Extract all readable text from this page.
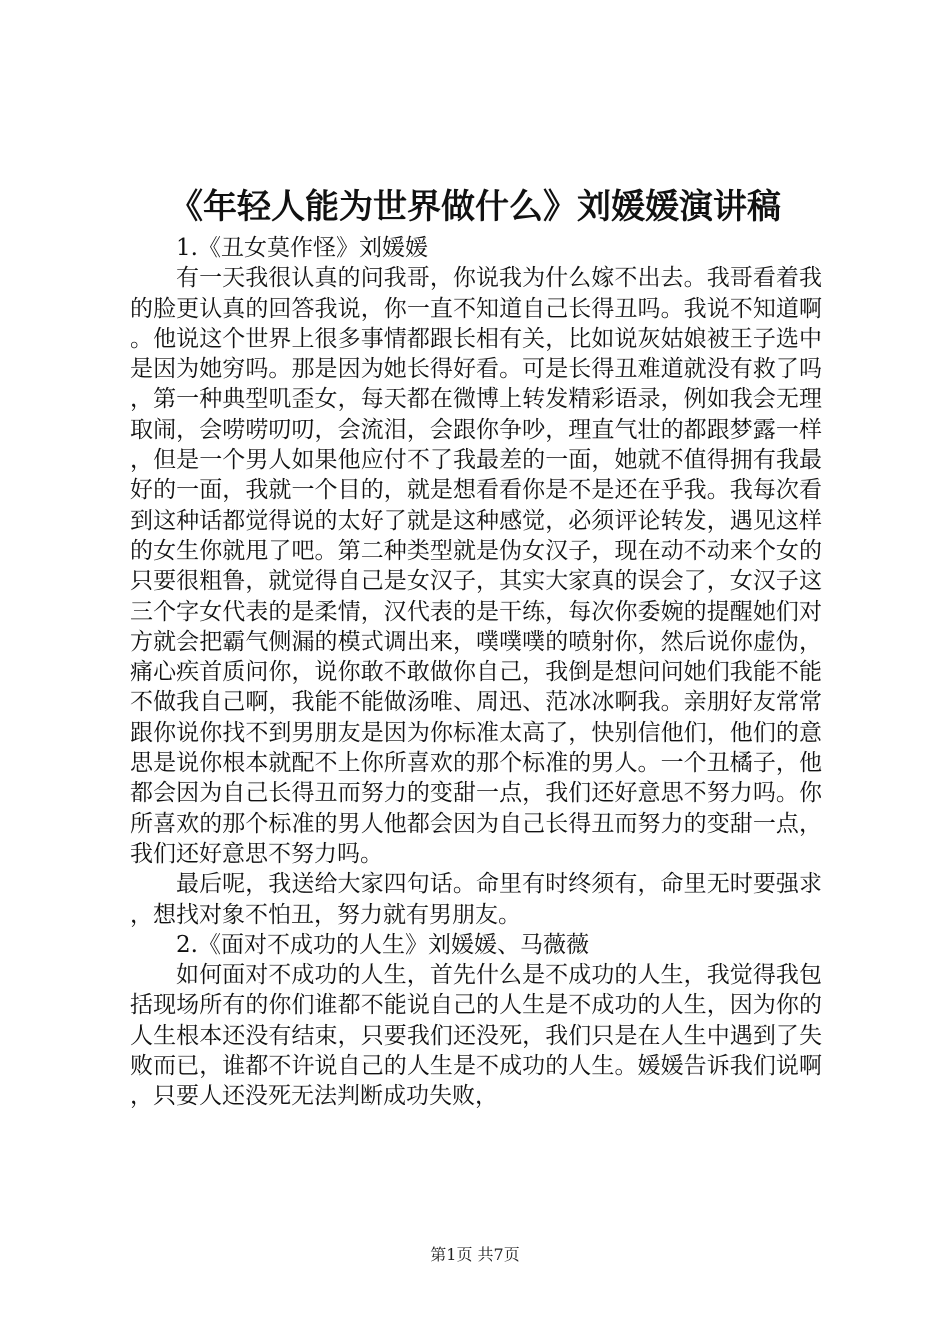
《年轻人能为世界做什么》刘媛媛演讲稿

1.《丑女莫作怪》刘媛媛

有一天我很认真的问我哥，你说我为什么嫁不出去。我哥看着我的脸更认真的回答我说，你一直不知道自己长得丑吗。我说不知道啊。他说这个世界上很多事情都跟长相有关，比如说灰姑娘被王子选中是因为她穷吗。那是因为她长得好看。可是长得丑难道就没有救了吗，第一种典型叽歪女，每天都在微博上转发精彩语录，例如我会无理取闹，会唠唠叨叨，会流泪，会跟你争吵，理直气壮的都跟梦露一样，但是一个男人如果他应付不了我最差的一面，她就不值得拥有我最好的一面，我就一个目的，就是想看看你是不是还在乎我。我每次看到这种话都觉得说的太好了就是这种感觉，必须评论转发，遇见这样的女生你就甩了吧。第二种类型就是伪女汉子，现在动不动来个女的只要很粗鲁，就觉得自己是女汉子，其实大家真的误会了，女汉子这三个字女代表的是柔情，汉代表的是干练，每次你委婉的提醒她们对方就会把霸气侧漏的模式调出来，噗噗噗的喷射你，然后说你虚伪，痛心疾首质问你，说你敢不敢做你自己，我倒是想问问她们我能不能不做我自己啊，我能不能做汤唯、周迅、范冰冰啊我。亲朋好友常常跟你说你找不到男朋友是因为你标准太高了，快别信他们，他们的意思是说你根本就配不上你所喜欢的那个标准的男人。一个丑橘子，他都会因为自己长得丑而努力的变甜一点，我们还好意思不努力吗。你所喜欢的那个标准的男人他都会因为自己长得丑而努力的变甜一点，我们还好意思不努力吗。

最后呢，我送给大家四句话。命里有时终须有，命里无时要强求，想找对象不怕丑，努力就有男朋友。

2.《面对不成功的人生》刘媛媛、马薇薇

如何面对不成功的人生，首先什么是不成功的人生，我觉得我包括现场所有的你们谁都不能说自己的人生是不成功的人生，因为你的人生根本还没有结束，只要我们还没死，我们只是在人生中遇到了失败而已，谁都不许说自己的人生是不成功的人生。媛媛告诉我们说啊，只要人还没死无法判断成功失败，

第1页 共7页
